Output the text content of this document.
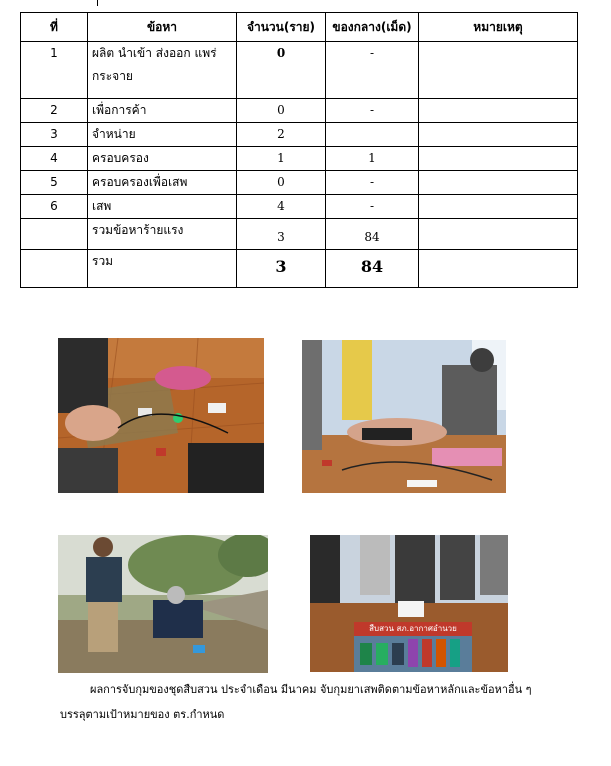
ที่	ข้อหา	จำนวน(ราย)	ของกลาง(เม็ด)	หมายเหตุ
1	ผลิต นำเข้า ส่งออก แพร่กระจาย	0	-	
2	เพื่อการค้า	0	-	
3	จำหน่าย	2		
4	ครอบครอง	1	1	
5	ครอบครองเพื่อเสพ	0	-	
6	เสพ	4	-	
	รวมข้อหาร้ายแรง	3	84	
	รวม	3	84	
สืบสวน สภ.อากาศอำนวย
ผลการจับกุมของชุดสืบสวน ประจำเดือน มีนาคม จับกุมยาเสพติดตามข้อหาหลักและข้อหาอื่น ๆ
บรรลุตามเป้าหมายของ ตร.กำหนด
